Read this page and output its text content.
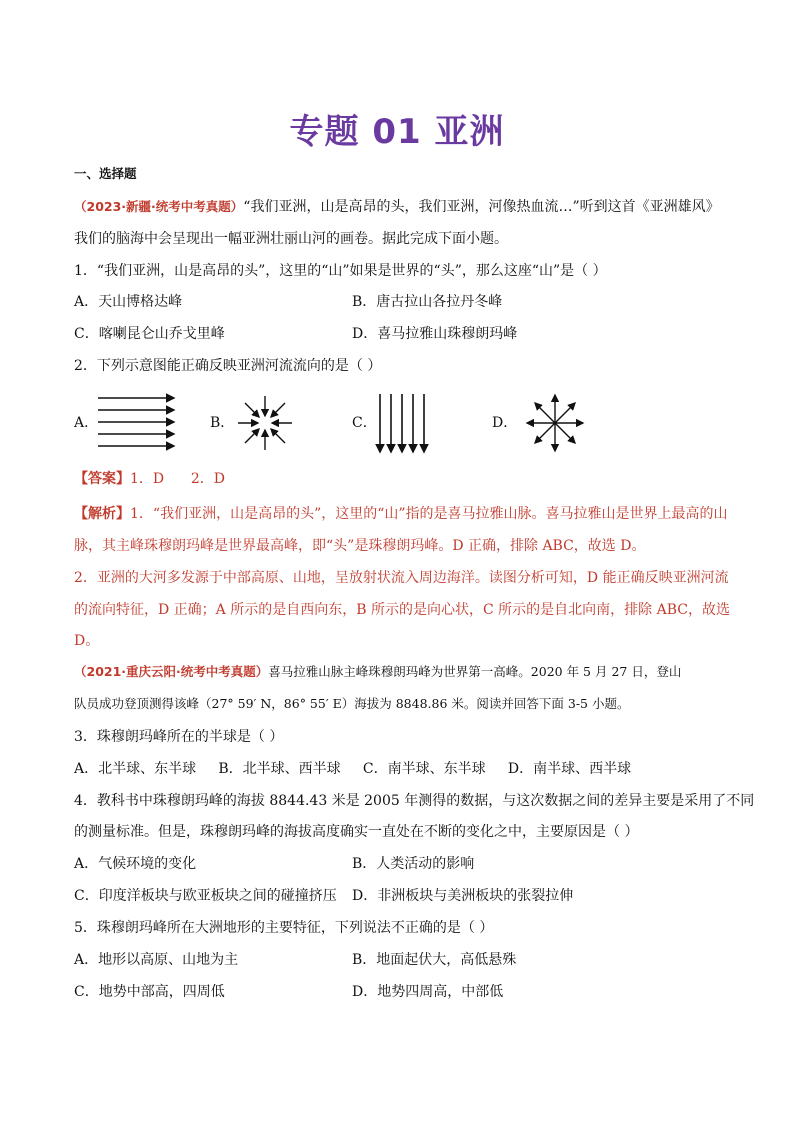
专题 01 亚洲
一、选择题
（2023·新疆·统考中考真题）“我们亚洲，山是高昂的头，我们亚洲，河像热血流…”听到这首《亚洲雄风》
我们的脑海中会呈现出一幅亚洲壮丽山河的画卷。据此完成下面小题。
1．“我们亚洲，山是高昂的头”，这里的“山”如果是世界的“头”，那么这座“山”是（ ）
A．天山博格达峰	B．唐古拉山各拉丹冬峰
C．喀喇昆仑山乔戈里峰	D．喜马拉雅山珠穆朗玛峰
2．下列示意图能正确反映亚洲河流流向的是（ ）
A．	B．	C．	D．
【答案】1．D      2．D
【解析】1．“我们亚洲，山是高昂的头”，这里的“山”指的是喜马拉雅山脉。喜马拉雅山是世界上最高的山
脉，其主峰珠穆朗玛峰是世界最高峰，即“头”是珠穆朗玛峰。D 正确，排除 ABC，故选 D。
2．亚洲的大河多发源于中部高原、山地，呈放射状流入周边海洋。读图分析可知，D 能正确反映亚洲河流
的流向特征，D 正确；A 所示的是自西向东，B 所示的是向心状，C 所示的是自北向南，排除 ABC，故选
D。
（2021·重庆云阳·统考中考真题）喜马拉雅山脉主峰珠穆朗玛峰为世界第一高峰。2020 年 5 月 27 日，登山
队员成功登顶测得该峰（27° 59′ N，86° 55′ E）海拔为 8848.86 米。阅读并回答下面 3-5 小题。
3．珠穆朗玛峰所在的半球是（ ）
A．北半球、东半球     B．北半球、西半球     C．南半球、东半球     D．南半球、西半球
4．教科书中珠穆朗玛峰的海拔 8844.43 米是 2005 年测得的数据，与这次数据之间的差异主要是采用了不同
的测量标准。但是，珠穆朗玛峰的海拔高度确实一直处在不断的变化之中，主要原因是（ ）
A．气候环境的变化	B．人类活动的影响
C．印度洋板块与欧亚板块之间的碰撞挤压 D．非洲板块与美洲板块的张裂拉伸
5．珠穆朗玛峰所在大洲地形的主要特征，下列说法不正确的是（ ）
A．地形以高原、山地为主	B．地面起伏大，高低悬殊
C．地势中部高，四周低	D．地势四周高，中部低
